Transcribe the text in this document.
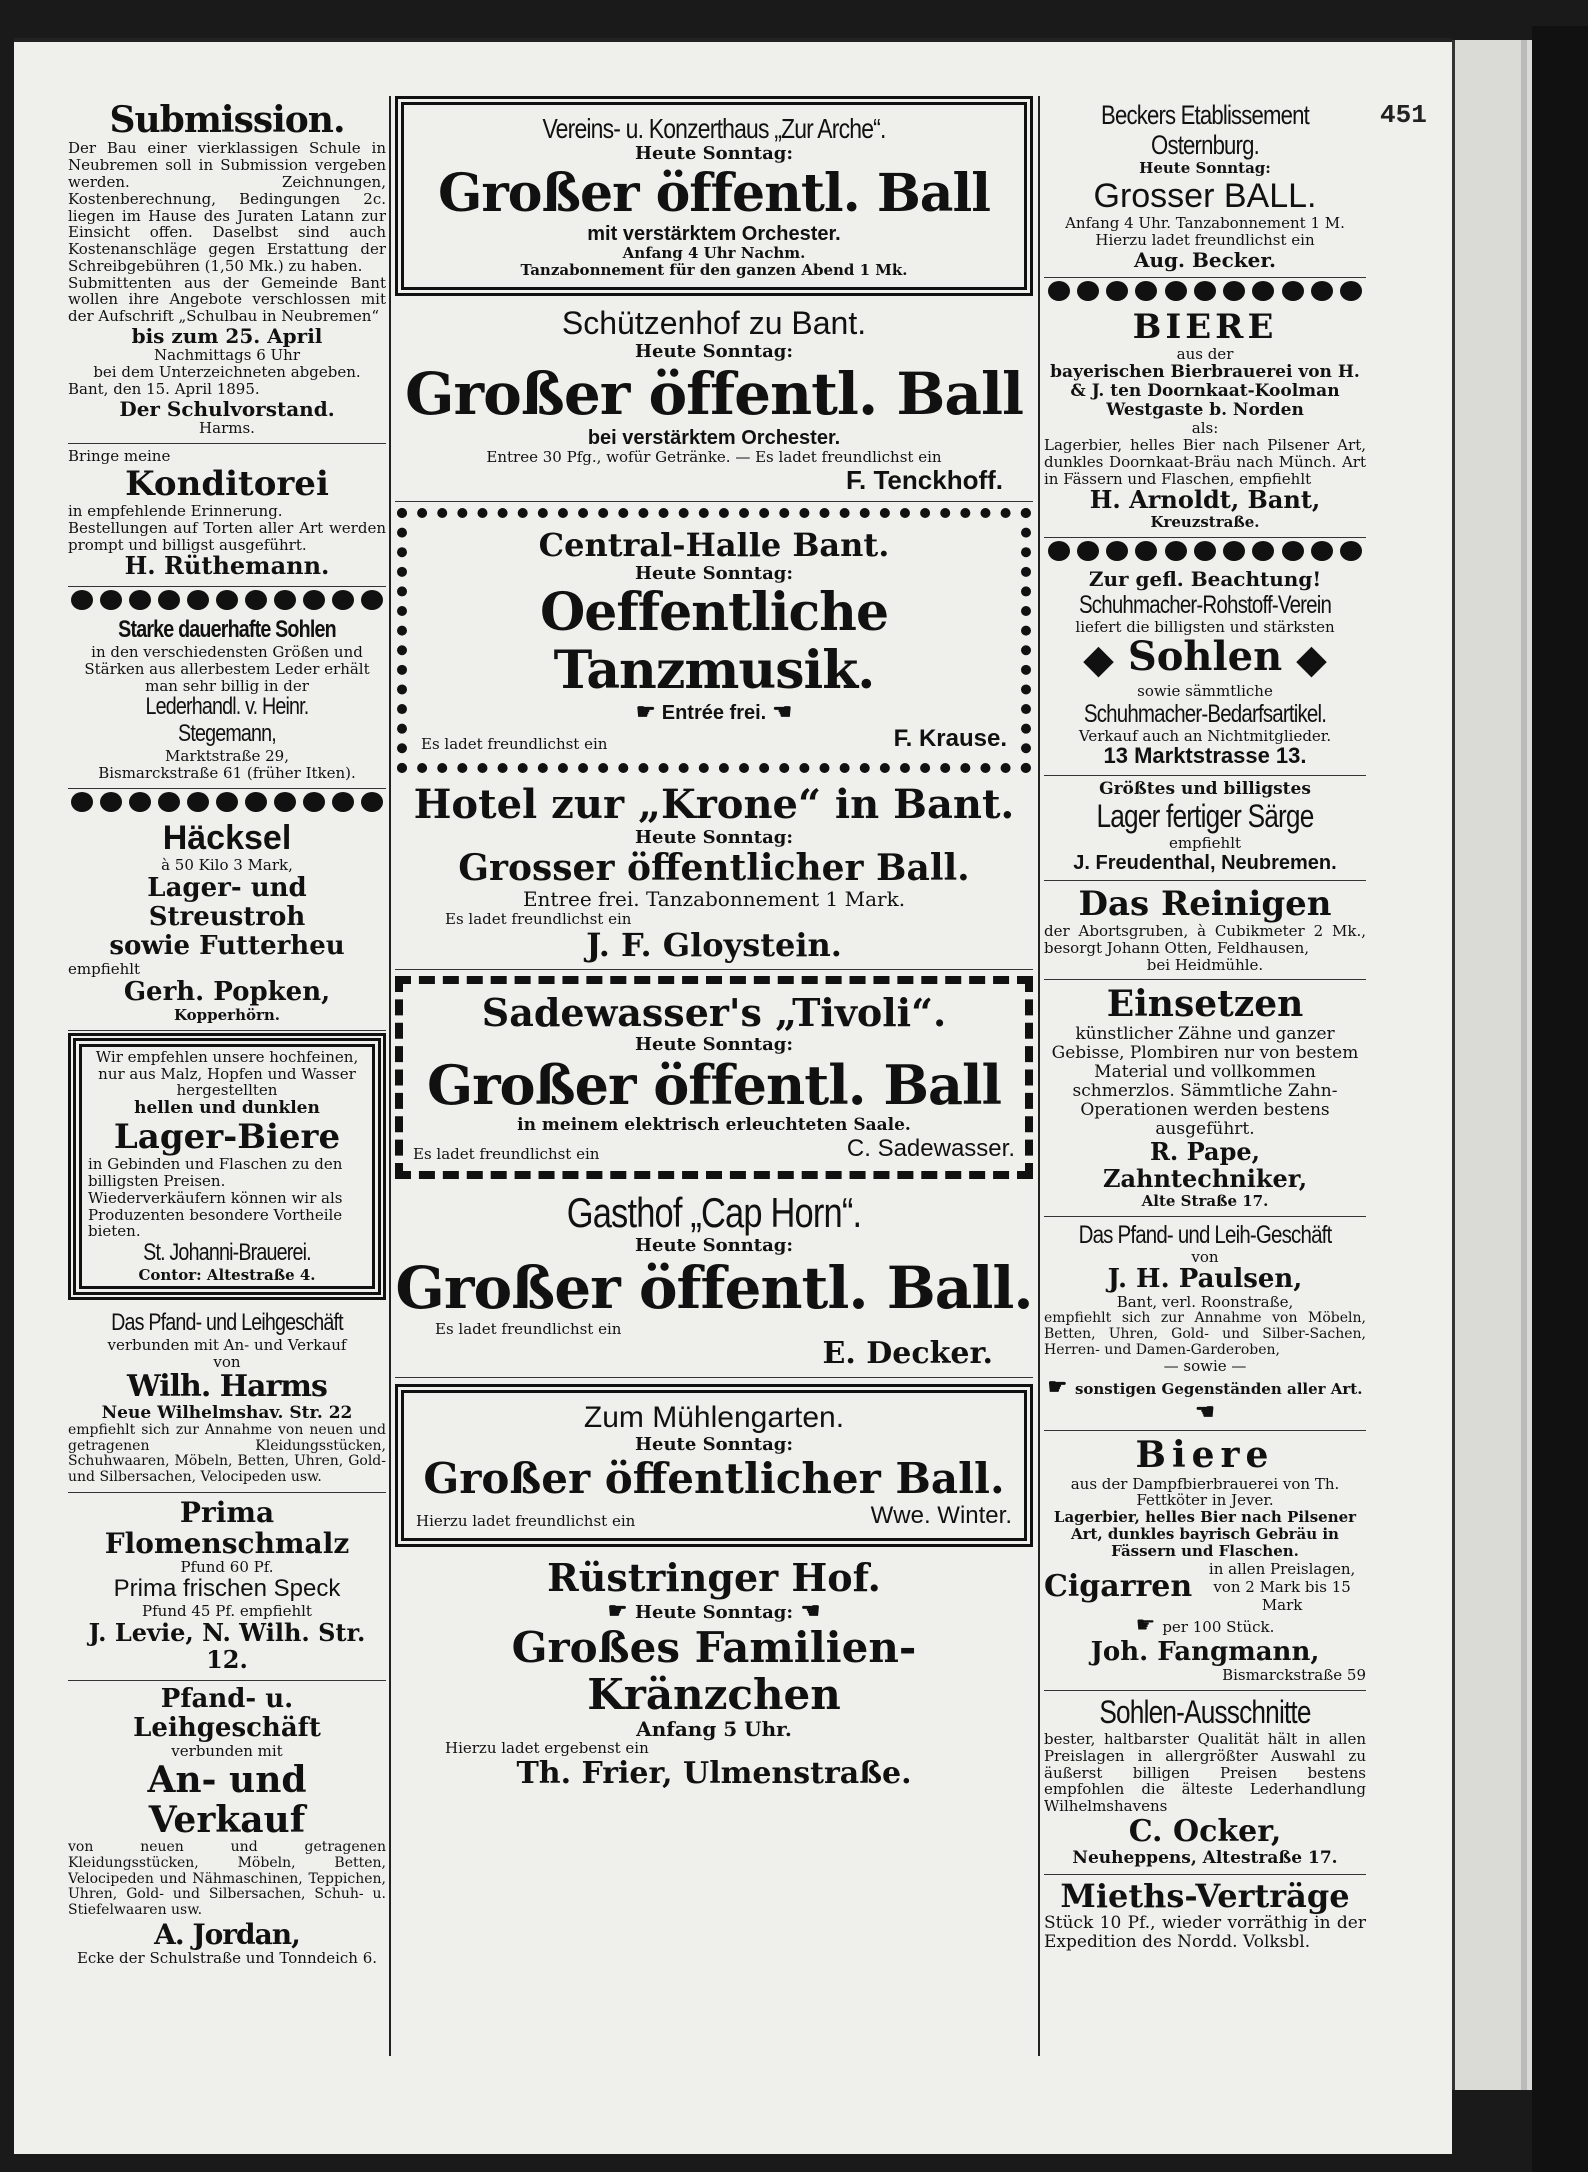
451
Submission.
Der Bau einer vierklassigen Schule in Neubremen soll in Submission vergeben werden. Zeichnungen, Kostenberechnung, Bedingungen 2c. liegen im Hause des Juraten Latann zur Einsicht offen. Daselbst sind auch Kostenanschläge gegen Erstattung der Schreibgebühren (1,50 Mk.) zu haben.
Submittenten aus der Gemeinde Bant wollen ihre Angebote verschlossen mit der Aufschrift „Schulbau in Neubremen“
bis zum 25. April
Nachmittags 6 Uhr
bei dem Unterzeichneten abgeben.
Bant, den 15. April 1895.
Der Schulvorstand.
Harms.
Bringe meine
Konditorei
in empfehlende Erinnerung.
Bestellungen auf Torten aller Art werden prompt und billigst ausgeführt.
H. Rüthemann.
Starke dauerhafte Sohlen
in den verschiedensten Größen und Stärken aus allerbestem Leder erhält man sehr billig in der
Lederhandl. v. Heinr. Stegemann,
Marktstraße 29,
Bismarckstraße 61 (früher Itken).
Häcksel
à 50 Kilo 3 Mark,
Lager- und Streustroh
sowie Futterheu
empfiehlt
Gerh. Popken,
Kopperhörn.
Wir empfehlen unsere hochfeinen, nur aus Malz, Hopfen und Wasser hergestellten
hellen und dunklen
Lager-Biere
in Gebinden und Flaschen zu den billigsten Preisen.
Wiederverkäufern können wir als Produzenten besondere Vortheile bieten.
St. Johanni-Brauerei.
Contor: Altestraße 4.
Das Pfand- und Leihgeschäft
verbunden mit An- und Verkauf
von
Wilh. Harms
Neue Wilhelmshav. Str. 22
empfiehlt sich zur Annahme von neuen und getragenen Kleidungsstücken, Schuhwaaren, Möbeln, Betten, Uhren, Gold- und Silbersachen, Velocipeden usw.
Prima Flomenschmalz
Pfund 60 Pf.
Prima frischen Speck
Pfund 45 Pf. empfiehlt
J. Levie, N. Wilh. Str. 12.
Pfand- u. Leihgeschäft
verbunden mit
An- und Verkauf
von neuen und getragenen Kleidungsstücken, Möbeln, Betten, Velocipeden und Nähmaschinen, Teppichen, Uhren, Gold- und Silbersachen, Schuh- u. Stiefelwaaren usw.
A. Jordan,
Ecke der Schulstraße und Tonndeich 6.
Vereins- u. Konzerthaus „Zur Arche“.
Heute Sonntag:
Großer öffentl. Ball
mit verstärktem Orchester.
Anfang 4 Uhr Nachm.
Tanzabonnement für den ganzen Abend 1 Mk.
Schützenhof zu Bant.
Heute Sonntag:
Großer öffentl. Ball
bei verstärktem Orchester.
Entree 30 Pfg., wofür Getränke. — Es ladet freundlichst ein
F. Tenckhoff.
Central-Halle Bant.
Heute Sonntag:
Oeffentliche Tanzmusik.
☛ Entrée frei. ☚
Es ladet freundlichst ein	F. Krause.
Hotel zur „Krone“ in Bant.
Heute Sonntag:
Grosser öffentlicher Ball.
Entree frei. Tanzabonnement 1 Mark.
Es ladet freundlichst ein
J. F. Gloystein.
Sadewasser's „Tivoli“.
Heute Sonntag:
Großer öffentl. Ball
in meinem elektrisch erleuchteten Saale.
Es ladet freundlichst ein	C. Sadewasser.
Gasthof „Cap Horn“.
Heute Sonntag:
Großer öffentl. Ball.
Es ladet freundlichst ein
E. Decker.
Zum Mühlengarten.
Heute Sonntag:
Großer öffentlicher Ball.
Hierzu ladet freundlichst ein	Wwe. Winter.
Rüstringer Hof.
☛ Heute Sonntag: ☚
Großes Familien-Kränzchen
Anfang 5 Uhr.
Hierzu ladet ergebenst ein
Th. Frier, Ulmenstraße.
Beckers Etablissement Osternburg.
Heute Sonntag:
Grosser BALL.
Anfang 4 Uhr. Tanzabonnement 1 M.
Hierzu ladet freundlichst ein
Aug. Becker.
BIERE
aus der
bayerischen Bierbrauerei von H. & J. ten Doornkaat-Koolman Westgaste b. Norden
als:
Lagerbier, helles Bier nach Pilsener Art, dunkles Doornkaat-Bräu nach Münch. Art in Fässern und Flaschen, empfiehlt
H. Arnoldt, Bant,
Kreuzstraße.
Zur gefl. Beachtung!
Schuhmacher-Rohstoff-Verein
liefert die billigsten und stärksten
◆ Sohlen ◆
sowie sämmtliche
Schuhmacher-Bedarfsartikel.
Verkauf auch an Nichtmitglieder.
13 Marktstrasse 13.
Größtes und billigstes
Lager fertiger Särge
empfiehlt
J. Freudenthal, Neubremen.
Das Reinigen
der Abortsgruben, à Cubikmeter 2 Mk., besorgt Johann Otten, Feldhausen,
bei Heidmühle.
Einsetzen
künstlicher Zähne und ganzer Gebisse, Plombiren nur von bestem Material und vollkommen schmerzlos. Sämmtliche Zahn-Operationen werden bestens ausgeführt.
R. Pape, Zahntechniker,
Alte Straße 17.
Das Pfand- und Leih-Geschäft
von
J. H. Paulsen,
Bant, verl. Roonstraße,
empfiehlt sich zur Annahme von Möbeln, Betten, Uhren, Gold- und Silber-Sachen, Herren- und Damen-Garderoben,
— sowie —
☛ sonstigen Gegenständen aller Art. ☚
Biere
aus der Dampfbierbrauerei von Th. Fettköter in Jever.
Lagerbier, helles Bier nach Pilsener Art, dunkles bayrisch Gebräu in Fässern und Flaschen.
Cigarren
in allen Preislagen, von 2 Mark bis 15 Mark
☛ per 100 Stück.
Joh. Fangmann,
Bismarckstraße 59
Sohlen-Ausschnitte
bester, haltbarster Qualität hält in allen Preislagen in allergrößter Auswahl zu äußerst billigen Preisen bestens empfohlen die älteste Lederhandlung Wilhelmshavens
C. Ocker,
Neuheppens, Altestraße 17.
Mieths-Verträge
Stück 10 Pf., wieder vorräthig in der Expedition des Nordd. Volksbl.
